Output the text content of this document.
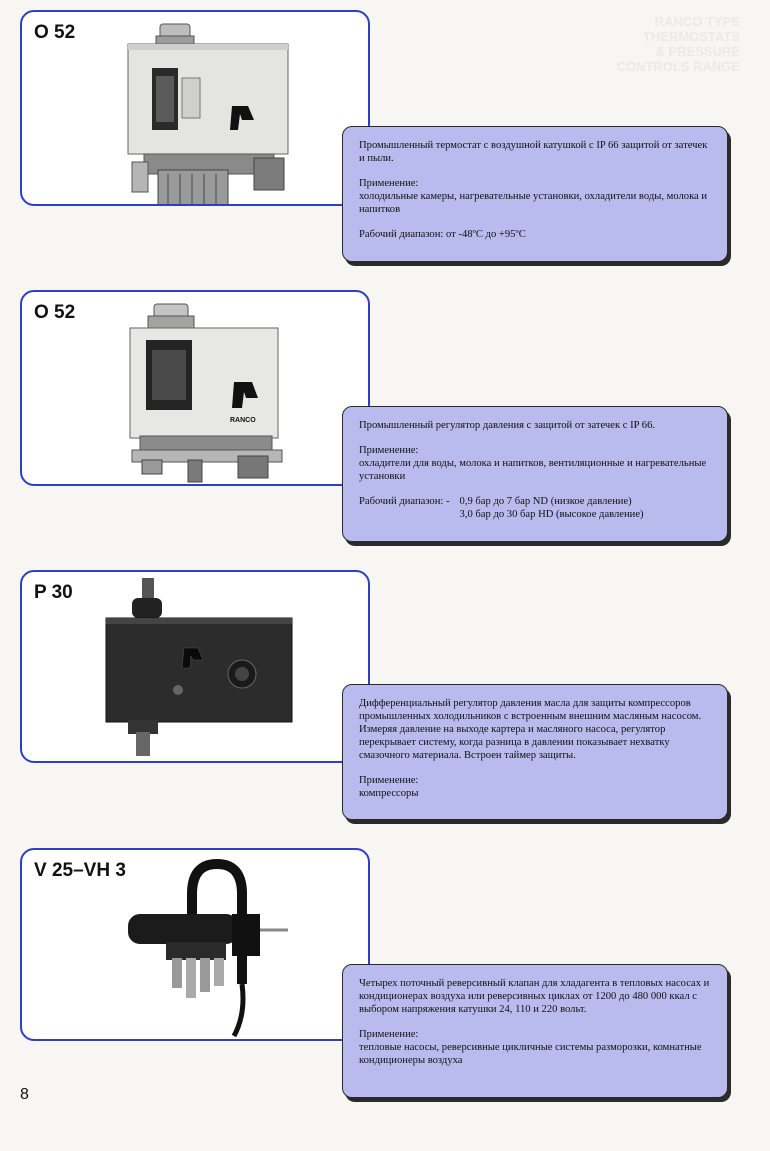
RANCO TYPE
THERMOSTATS
& PRESSURE
CONTROLS RANGE
O 52

Промышленный термостат с воздушной катушкой с IP 66 защитой от затечек и пыли.

Применение:
холодильные камеры, нагревательные установки, охладители воды, молока и напитков

Рабочий диапазон: от -48ºC до +95ºC

O 52
RANCO	Промышленный регулятор давления с защитой от затечек с IP 66.

Применение:
охладители для воды, молока и напитков, вентиляционные и нагревательные установки

Рабочий диапазон: - 0,9 бар до 7 бар ND (низкое давление)
3,0 бар до 30 бар HD (высокое давление)
P 30

Дифференциальный регулятор давления масла для защиты компрессоров промышленных холодильников с встроенным внешним масляным насосом. Измеряя давление на выходе картера и масляного насоса, регулятор перекрывает систему, когда разница в давлении показывает нехватку смазочного материала. Встроен таймер защиты.

Применение:
компрессоры

V 25–VH 3

Четырех поточный реверсивный клапан для хладагента в тепловых насосах и кондиционерах воздуха или реверсивных циклах от 1200 до 480 000 ккал с выбором напряжения катушки 24, 110 и 220 вольт.

Применение:
тепловые насосы, реверсивные цикличные системы разморозки, комнатные кондиционеры воздуха

8
